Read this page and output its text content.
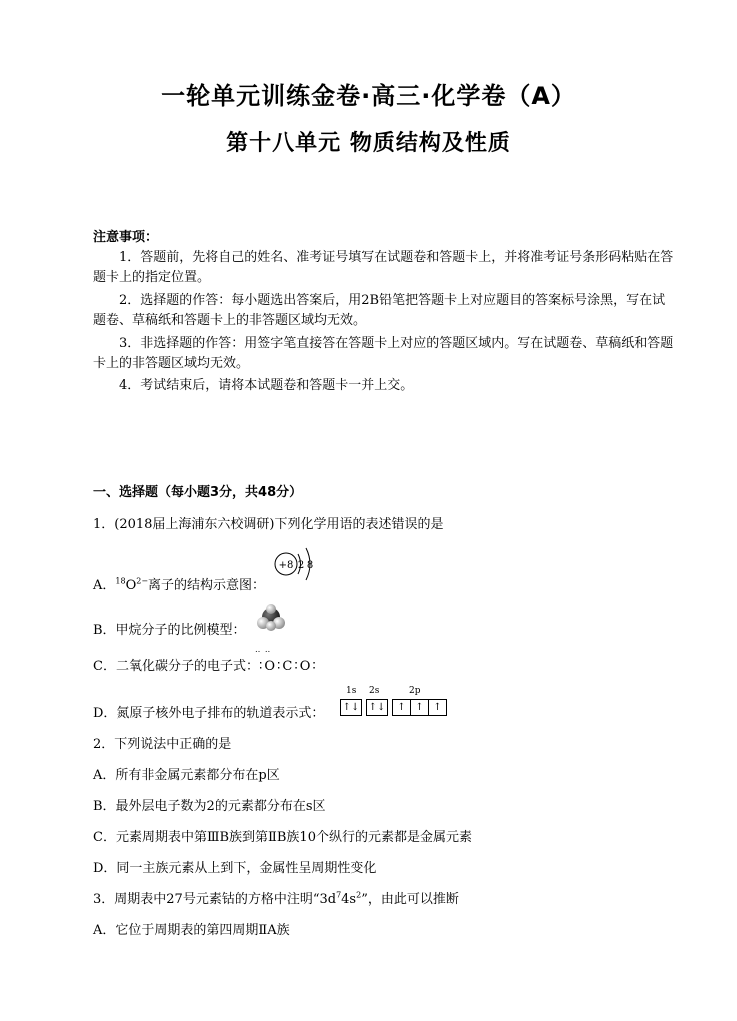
一轮单元训练金卷·高三·化学卷（A）
第十八单元 物质结构及性质
注意事项：
1．答题前，先将自己的姓名、准考证号填写在试题卷和答题卡上，并将准考证号条形码粘贴在答题卡上的指定位置。
2．选择题的作答：每小题选出答案后，用2B铅笔把答题卡上对应题目的答案标号涂黑，写在试题卷、草稿纸和答题卡上的非答题区域均无效。
3．非选择题的作答：用签字笔直接答在答题卡上对应的答题区域内。写在试题卷、草稿纸和答题卡上的非答题区域均无效。
4．考试结束后，请将本试题卷和答题卡一并上交。
一、选择题（每小题3分，共48分）
1．(2018届上海浦东六校调研)下列化学用语的表述错误的是
A．$^{18}O^{2-}$离子的结构示意图：
+8 2 8
B．甲烷分子的比例模型：
C．二氧化碳分子的电子式：∶O∶C∶O∶
‥ ‥
D．氮原子核外电子排布的轨道表示式：
1s 2s	2p
↑↓ ↑↓	↑ ↑ ↑
2．下列说法中正确的是
A．所有非金属元素都分布在p区
B．最外层电子数为2的元素都分布在s区
C．元素周期表中第ⅢB族到第ⅡB族10个纵行的元素都是金属元素
D．同一主族元素从上到下，金属性呈周期性变化
3．周期表中27号元素钴的方格中注明“$3d^74s^2$”，由此可以推断
A．它位于周期表的第四周期ⅡA族
